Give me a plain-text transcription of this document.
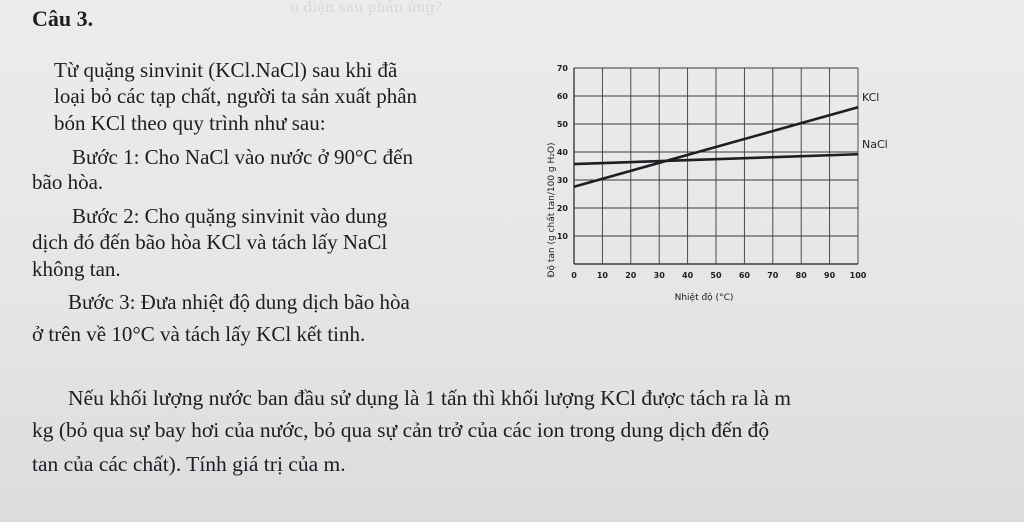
ụ điện sau phản ứng?
Câu 3.
Từ quặng sinvinit (KCl.NaCl) sau khi đã
loại bỏ các tạp chất, người ta sản xuất phân
bón KCl theo quy trình như sau:
Bước 1: Cho NaCl vào nước ở 90°C đến
bão hòa.
Bước 2: Cho quặng sinvinit vào dung
dịch đó đến bão hòa KCl và tách lấy NaCl
không tan.
Bước 3: Đưa nhiệt độ dung dịch bão hòa
ở trên về 10°C và tách lấy KCl kết tinh.
KCl
NaCl
0	10 20 30 40 50 60 70 80 90 100
10
20
30
40
50
60
70
Độ tan (g chất tan/100 g H₂O)
Nhiệt độ (°C)
Nếu khối lượng nước ban đầu sử dụng là 1 tấn thì khối lượng KCl được tách ra là m
kg (bỏ qua sự bay hơi của nước, bỏ qua sự cản trở của các ion trong dung dịch đến độ
tan của các chất). Tính giá trị của m.
